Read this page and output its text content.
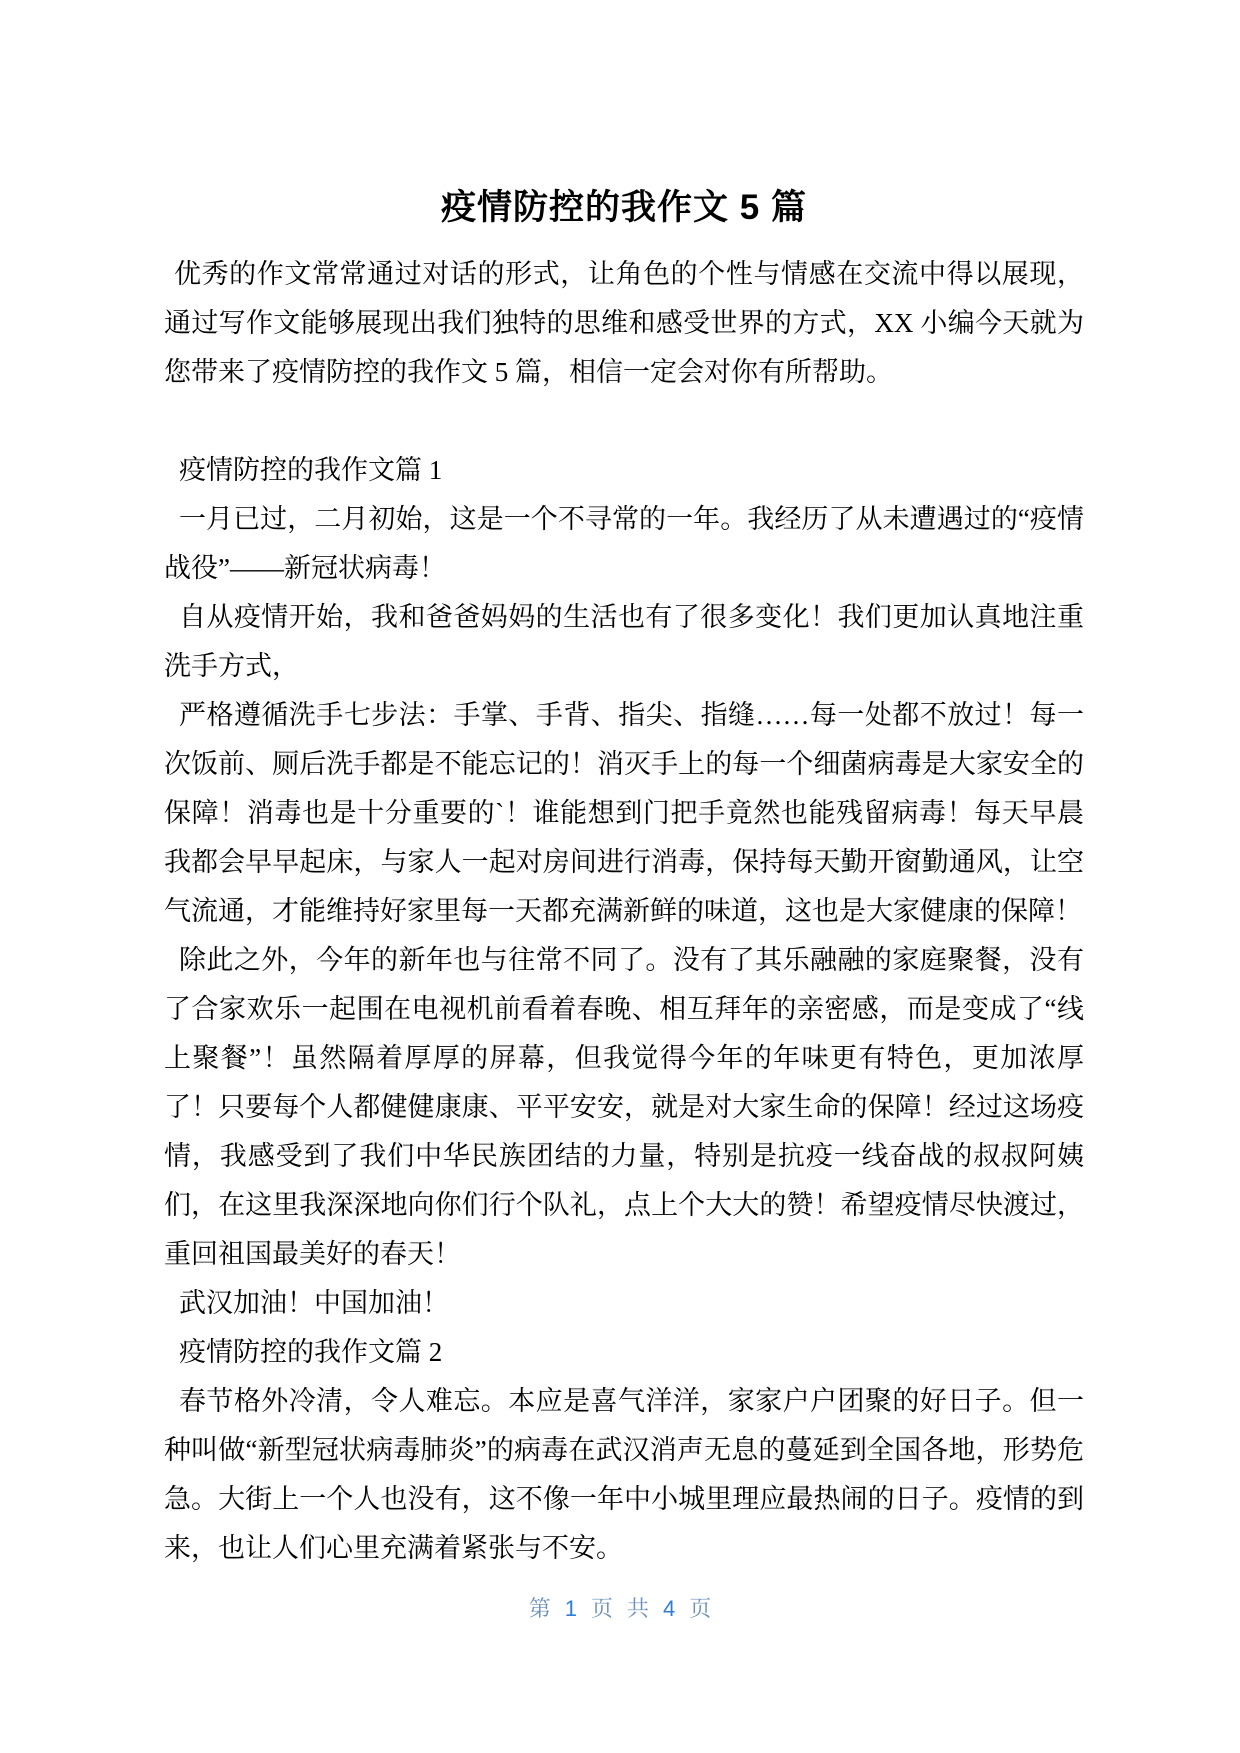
疫情防控的我作文 5 篇

优秀的作文常常通过对话的形式，让角色的个性与情感在交流中得以展现，通过写作文能够展现出我们独特的思维和感受世界的方式，XX 小编今天就为您带来了疫情防控的我作文 5 篇，相信一定会对你有所帮助。

疫情防控的我作文篇 1

一月已过，二月初始，这是一个不寻常的一年。我经历了从未遭遇过的“疫情战役”——新冠状病毒！

自从疫情开始，我和爸爸妈妈的生活也有了很多变化！我们更加认真地注重洗手方式，

严格遵循洗手七步法：手掌、手背、指尖、指缝……每一处都不放过！每一次饭前、厕后洗手都是不能忘记的！消灭手上的每一个细菌病毒是大家安全的保障！消毒也是十分重要的`！谁能想到门把手竟然也能残留病毒！每天早晨我都会早早起床，与家人一起对房间进行消毒，保持每天勤开窗勤通风，让空气流通，才能维持好家里每一天都充满新鲜的味道，这也是大家健康的保障！

除此之外，今年的新年也与往常不同了。没有了其乐融融的家庭聚餐，没有了合家欢乐一起围在电视机前看着春晚、相互拜年的亲密感，而是变成了“线上聚餐”！虽然隔着厚厚的屏幕，但我觉得今年的年味更有特色，更加浓厚了！只要每个人都健健康康、平平安安，就是对大家生命的保障！经过这场疫情，我感受到了我们中华民族团结的力量，特别是抗疫一线奋战的叔叔阿姨们，在这里我深深地向你们行个队礼，点上个大大的赞！希望疫情尽快渡过，重回祖国最美好的春天！

武汉加油！中国加油！

疫情防控的我作文篇 2

春节格外冷清，令人难忘。本应是喜气洋洋，家家户户团聚的好日子。但一种叫做“新型冠状病毒肺炎”的病毒在武汉消声无息的蔓延到全国各地，形势危急。大街上一个人也没有，这不像一年中小城里理应最热闹的日子。疫情的到来，也让人们心里充满着紧张与不安。

第 1 页 共 4 页
